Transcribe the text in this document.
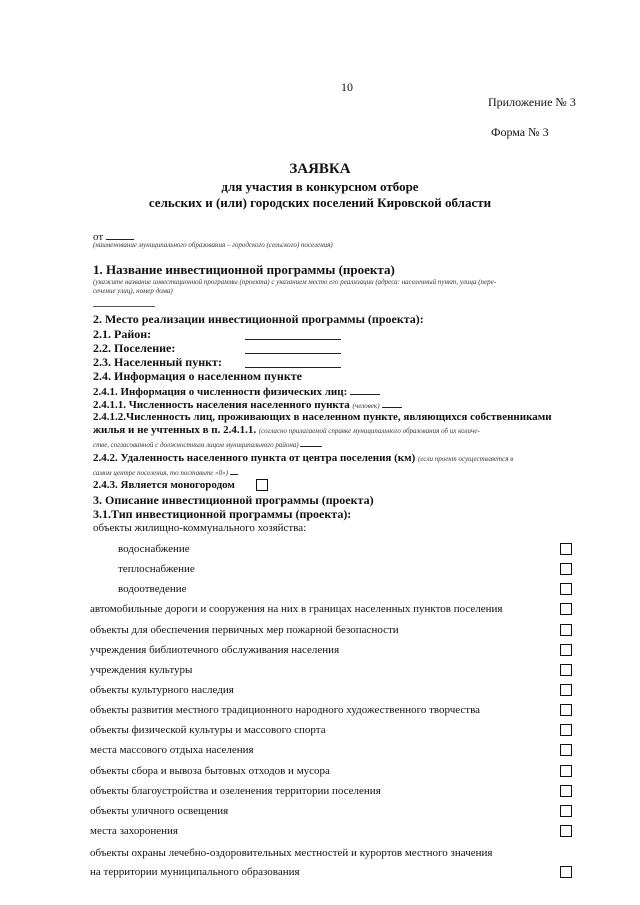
10
Приложение № 3
Форма № 3
ЗАЯВКА
для участия в конкурсном отборе
сельских и (или) городских поселений Кировской области
от
(наименование муниципального образования – городского (сельского) поселения)
1. Название инвестиционной программы (проекта)
(укажите название инвестиционной программы (проекта) с указанием место его реализации (адреса: населенный пункт, улица (пере-
сечение улиц), номер дома)
2. Место реализации инвестиционной программы (проекта):
2.1. Район:
2.2. Поселение:
2.3. Населенный пункт:
2.4. Информация о населенном пункте
2.4.1. Информация о численности физических лиц:
2.4.1.1. Численность населения населенного пункта (человек)
2.4.1.2.Численность лиц, проживающих в населенном пункте, являющихся собственниками
жилья и не учтенных в п. 2.4.1.1. (согласно прилагаемой справке муниципального образования об их количе-
стве, согласованной с должностным лицом муниципального района)
2.4.2. Удаленность населенного пункта от центра поселения (км) (если проект осуществляется в
самом центре поселения, то поставьте «0»)
2.4.3. Является моногородом
3. Описание инвестиционной программы (проекта)
3.1.Тип инвестиционной программы (проекта):
объекты жилищно-коммунального хозяйства:
водоснабжение
теплоснабжение
водоотведение
автомобильные дороги и сооружения на них в границах населенных пунктов поселения
объекты для обеспечения первичных мер пожарной безопасности
учреждения библиотечного обслуживания населения
учреждения культуры
объекты культурного наследия
объекты развития местного традиционного народного художественного творчества
объекты физической культуры и массового спорта
места массового отдыха населения
объекты сбора и вывоза бытовых отходов и мусора
объекты благоустройства и озеленения территории поселения
объекты уличного освещения
места захоронения
объекты охраны лечебно-оздоровительных местностей и курортов местного значения
на территории муниципального образования
